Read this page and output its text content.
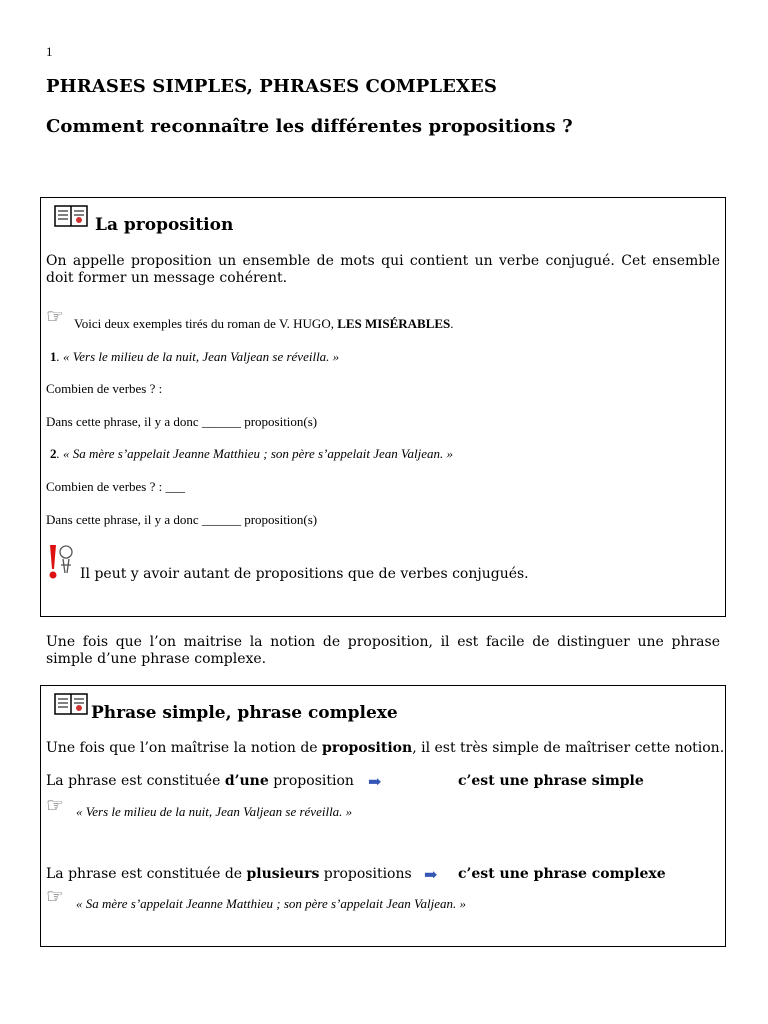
1
PHRASES SIMPLES, PHRASES COMPLEXES
Comment reconnaître les différentes propositions ?
La proposition
On appelle proposition un ensemble de mots qui contient un verbe conjugué. Cet ensemble doit former un message cohérent.
☞ Voici deux exemples tirés du roman de V. HUGO, LES MISÉRABLES.
1. « Vers le milieu de la nuit, Jean Valjean se réveilla. »
Combien de verbes ? :
Dans cette phrase, il y a donc ______ proposition(s)
2. « Sa mère s’appelait Jeanne Matthieu ; son père s’appelait Jean Valjean. »
Combien de verbes ? : ___
Dans cette phrase, il y a donc ______ proposition(s)
Il peut y avoir autant de propositions que de verbes conjugués.
Une fois que l’on maitrise la notion de proposition, il est facile de distinguer une phrase simple d’une phrase complexe.
Phrase simple, phrase complexe
Une fois que l’on maîtrise la notion de proposition, il est très simple de maîtriser cette notion.
La phrase est constituée d’une proposition ➡	c’est une phrase simple
☞ « Vers le milieu de la nuit, Jean Valjean se réveilla. »
La phrase est constituée de plusieurs propositions ➡ c’est une phrase complexe
☞ « Sa mère s’appelait Jeanne Matthieu ; son père s’appelait Jean Valjean. »
